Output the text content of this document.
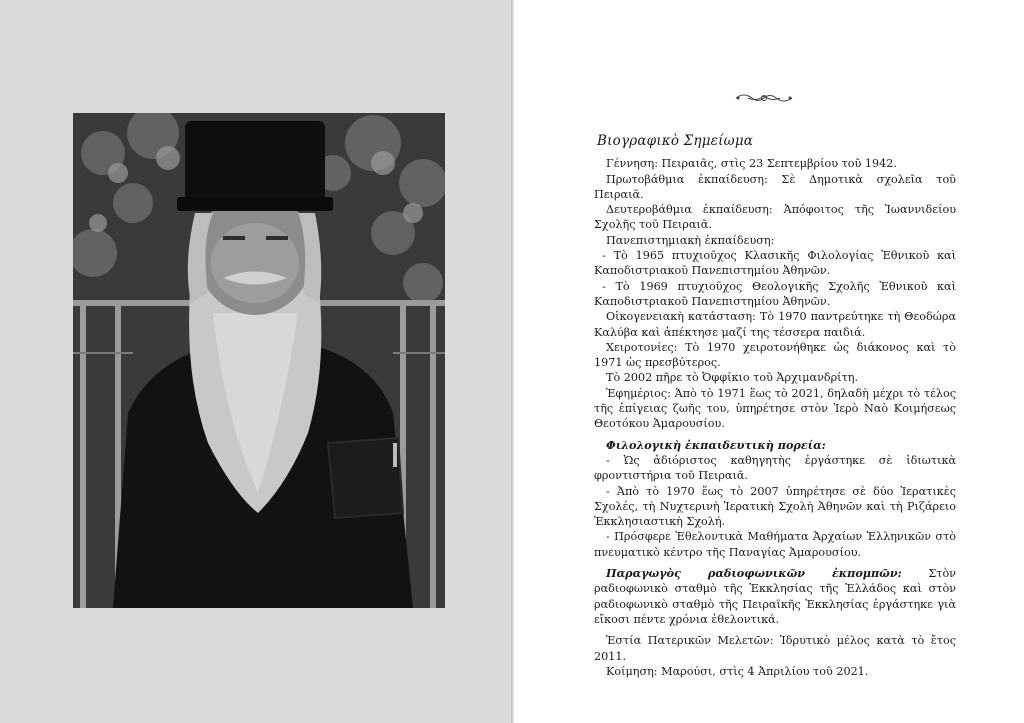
Βιογραφικὸ Σημείωμα

Γέννηση: Πειραιᾶς, στὶς 23 Σεπτεμβρίου τοῦ 1942.

Πρωτοβάθμια ἐκπαίδευση: Σὲ Δημοτικὰ σχολεῖα τοῦ Πειραιᾶ.

Δευτεροβάθμια ἐκπαίδευση: Ἀπόφοιτος τῆς Ἰωαννιδείου Σχολῆς τοῦ Πειραιᾶ.

Πανεπιστημιακὴ ἐκπαίδευση:

- Τὸ 1965 πτυχιοῦχος Κλασικῆς Φιλολογίας Ἐθνικοῦ καὶ Καποδιστριακοῦ Πανεπιστημίου Ἀθηνῶν.

- Τὸ 1969 πτυχιοῦχος Θεολογικῆς Σχολῆς Ἐθνικοῦ καὶ Καποδιστριακοῦ Πανεπιστημίου Ἀθηνῶν.

Οἰκογενειακὴ κατάσταση: Τὸ 1970 παντρεύτηκε τὴ Θεοδώρα Καλύβα καὶ ἀπέκτησε μαζί της τέσσερα παιδιά.

Χειροτονίες: Τὸ 1970 χειροτονήθηκε ὡς διάκονος καὶ τὸ 1971 ὡς πρεσβύτερος.

Τὸ 2002 πῆρε τὸ Ὀφφίκιο τοῦ Ἀρχιμανδρίτη.

Ἐφημέριος: Ἀπὸ τὸ 1971 ἕως τὸ 2021, δηλαδὴ μέχρι τὸ τέλος τῆς ἐπίγειας ζωῆς του, ὑπηρέτησε στὸν Ἱερὸ Ναὸ Κοιμήσεως Θεοτόκου Ἀμαρουσίου.

Φιλολογικὴ ἐκπαιδευτικὴ πορεία:

- Ὡς ἀδιόριστος καθηγητὴς ἐργάστηκε σὲ ἰδιωτικὰ φροντιστήρια τοῦ Πειραιᾶ.

- Ἀπὸ τὸ 1970 ἕως τὸ 2007 ὑπηρέτησε σὲ δύο Ἱερατικὲς Σχολές, τὴ Νυχτερινὴ Ἱερατικὴ Σχολὴ Ἀθηνῶν καὶ τὴ Ριζάρειο Ἐκκλησιαστικὴ Σχολή.

- Πρόσφερε Ἐθελοντικὰ Μαθήματα Ἀρχαίων Ἑλληνικῶν στὸ πνευματικὸ κέντρο τῆς Παναγίας Ἀμαρουσίου.

Παραγωγὸς ραδιοφωνικῶν ἐκπομπῶν: Στὸν ραδιοφωνικὸ σταθμὸ τῆς Ἐκκλησίας τῆς Ἑλλάδος καὶ στὸν ραδιοφωνικὸ σταθμὸ τῆς Πειραϊκῆς Ἐκκλησίας ἐργάστηκε γιὰ εἴκοσι πέντε χρόνια ἐθελοντικά.

Ἑστία Πατερικῶν Μελετῶν: Ἱδρυτικὸ μέλος κατὰ τὸ ἔτος 2011.

Κοίμηση: Μαρούσι, στὶς 4 Ἀπριλίου τοῦ 2021.
